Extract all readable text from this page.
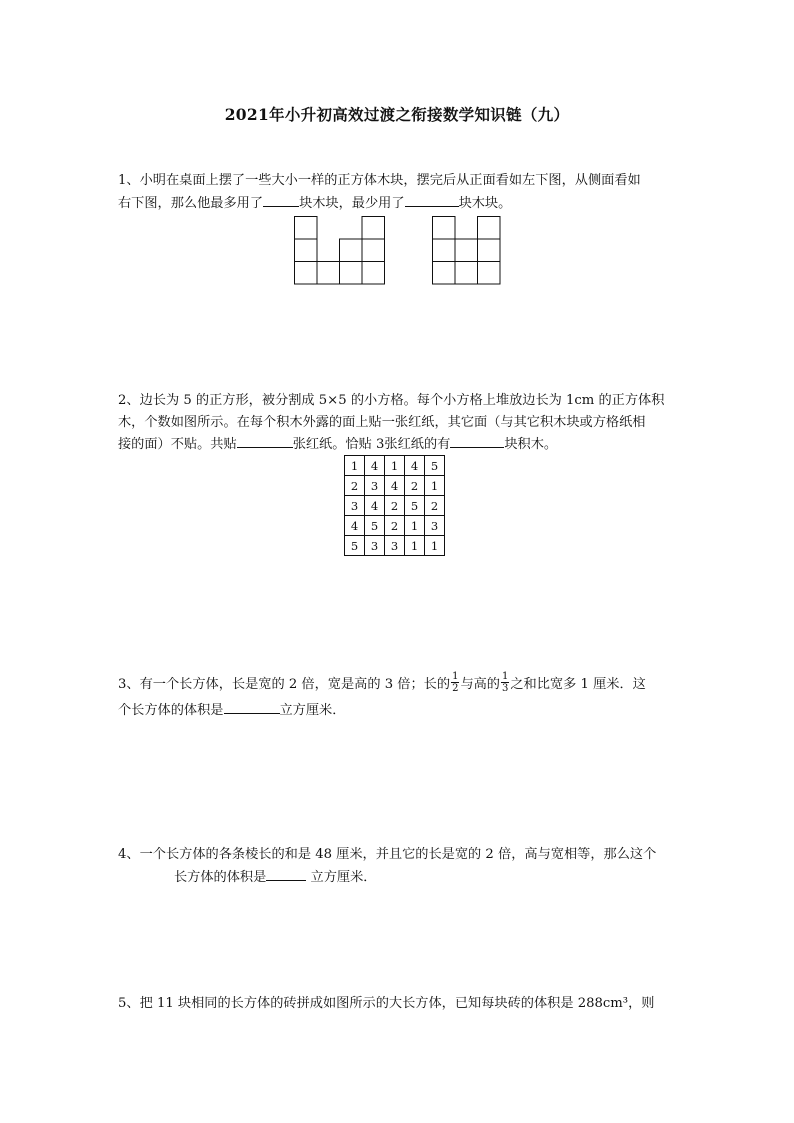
2021年小升初高效过渡之衔接数学知识链（九）
1、小明在桌面上摆了一些大小一样的正方体木块，摆完后从正面看如左下图，从侧面看如
右下图，那么他最多用了	块木块，最少用了	块木块。
2、边长为 5 的正方形，被分割成 5×5 的小方格。每个小方格上堆放边长为 1cm 的正方体积
木，个数如图所示。在每个积木外露的面上贴一张红纸，其它面（与其它积木块或方格纸相
接的面）不贴。共贴	张红纸。恰贴 3张红纸的有	块积木。
1	4	1	4	5
2	3	4	2	1
3	4	2	5	2
4	5	2	1	3
5	3	3	1	1
3、有一个长方体，长是宽的 2 倍，宽是高的 3 倍；长的 $\frac{1}{2}$ 与高的 $\frac{1}{3}$ 之和比宽多 1 厘米．这
个长方体的体积是	立方厘米．
4、一个长方体的各条棱长的和是 48 厘米，并且它的长是宽的 2 倍，高与宽相等，那么这个
长方体的体积是	立方厘米．
5、把 11 块相同的长方体的砖拼成如图所示的大长方体，已知每块砖的体积是 288cm³，则
